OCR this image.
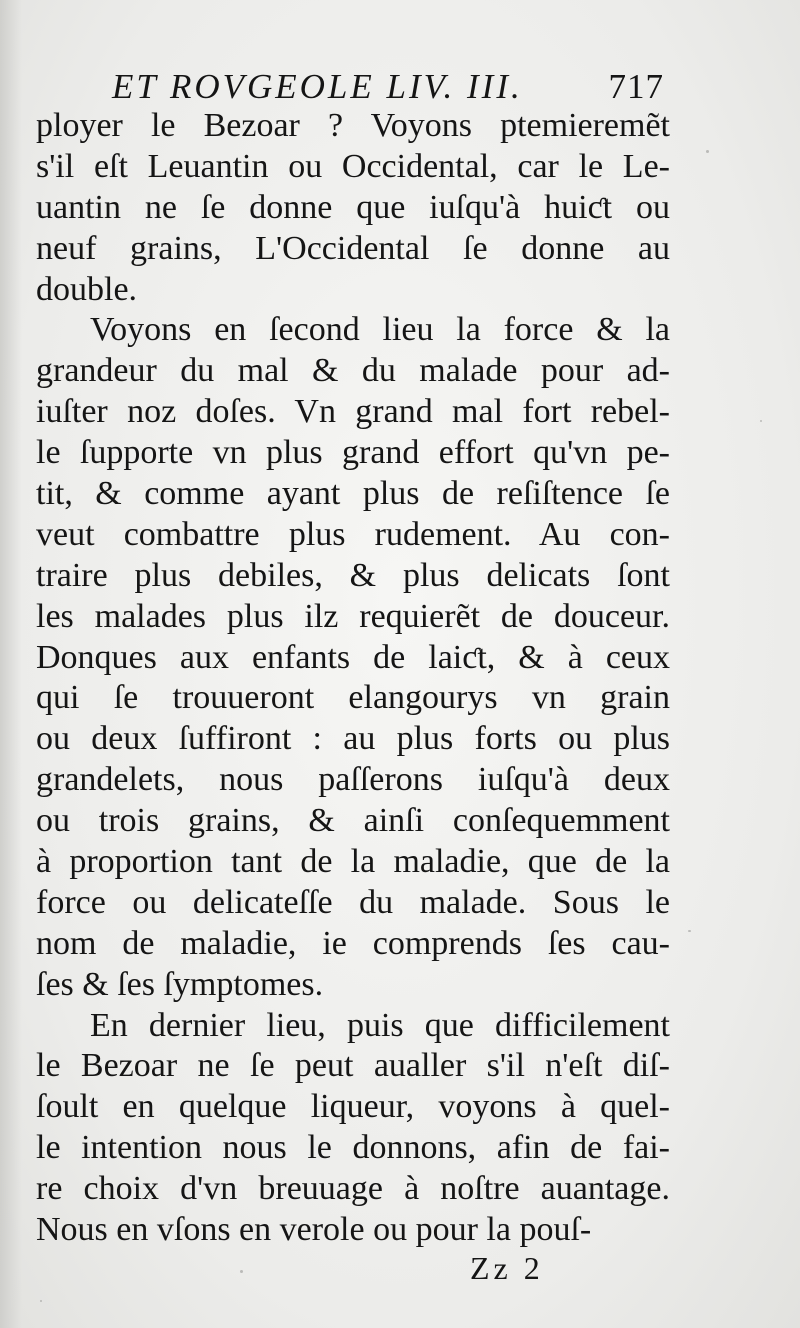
ET ROVGEOLE LIV. III. 717
ployer le Bezoar ? Voyons ptemieremẽt
s'il eſt Leuantin ou Occidental, car le Le-
uantin ne ſe donne que iuſqu'à huiƈt ou
neuf grains, L'Occidental ſe donne au
double.
Voyons en ſecond lieu la force & la
grandeur du mal & du malade pour ad-
iuſter noz doſes. Vn grand mal fort rebel-
le ſupporte vn plus grand effort qu'vn pe-
tit, & comme ayant plus de reſiſtence ſe
veut combattre plus rudement. Au con-
traire plus debiles, & plus delicats ſont
les malades plus ilz requierẽt de douceur.
Donques aux enfants de laiƈt, & à ceux
qui ſe trouueront elangourys vn grain
ou deux ſuffiront : au plus forts ou plus
grandelets, nous paſſerons iuſqu'à deux
ou trois grains, & ainſi conſequemment
à proportion tant de la maladie, que de la
force ou delicateſſe du malade. Sous le
nom de maladie, ie comprends ſes cau-
ſes & ſes ſymptomes.
En dernier lieu, puis que difficilement
le Bezoar ne ſe peut aualler s'il n'eſt diſ-
ſoult en quelque liqueur, voyons à quel-
le intention nous le donnons, afin de fai-
re choix d'vn breuuage à noſtre auantage.
Nous en vſons en verole ou pour la pouſ-
Zz 2
